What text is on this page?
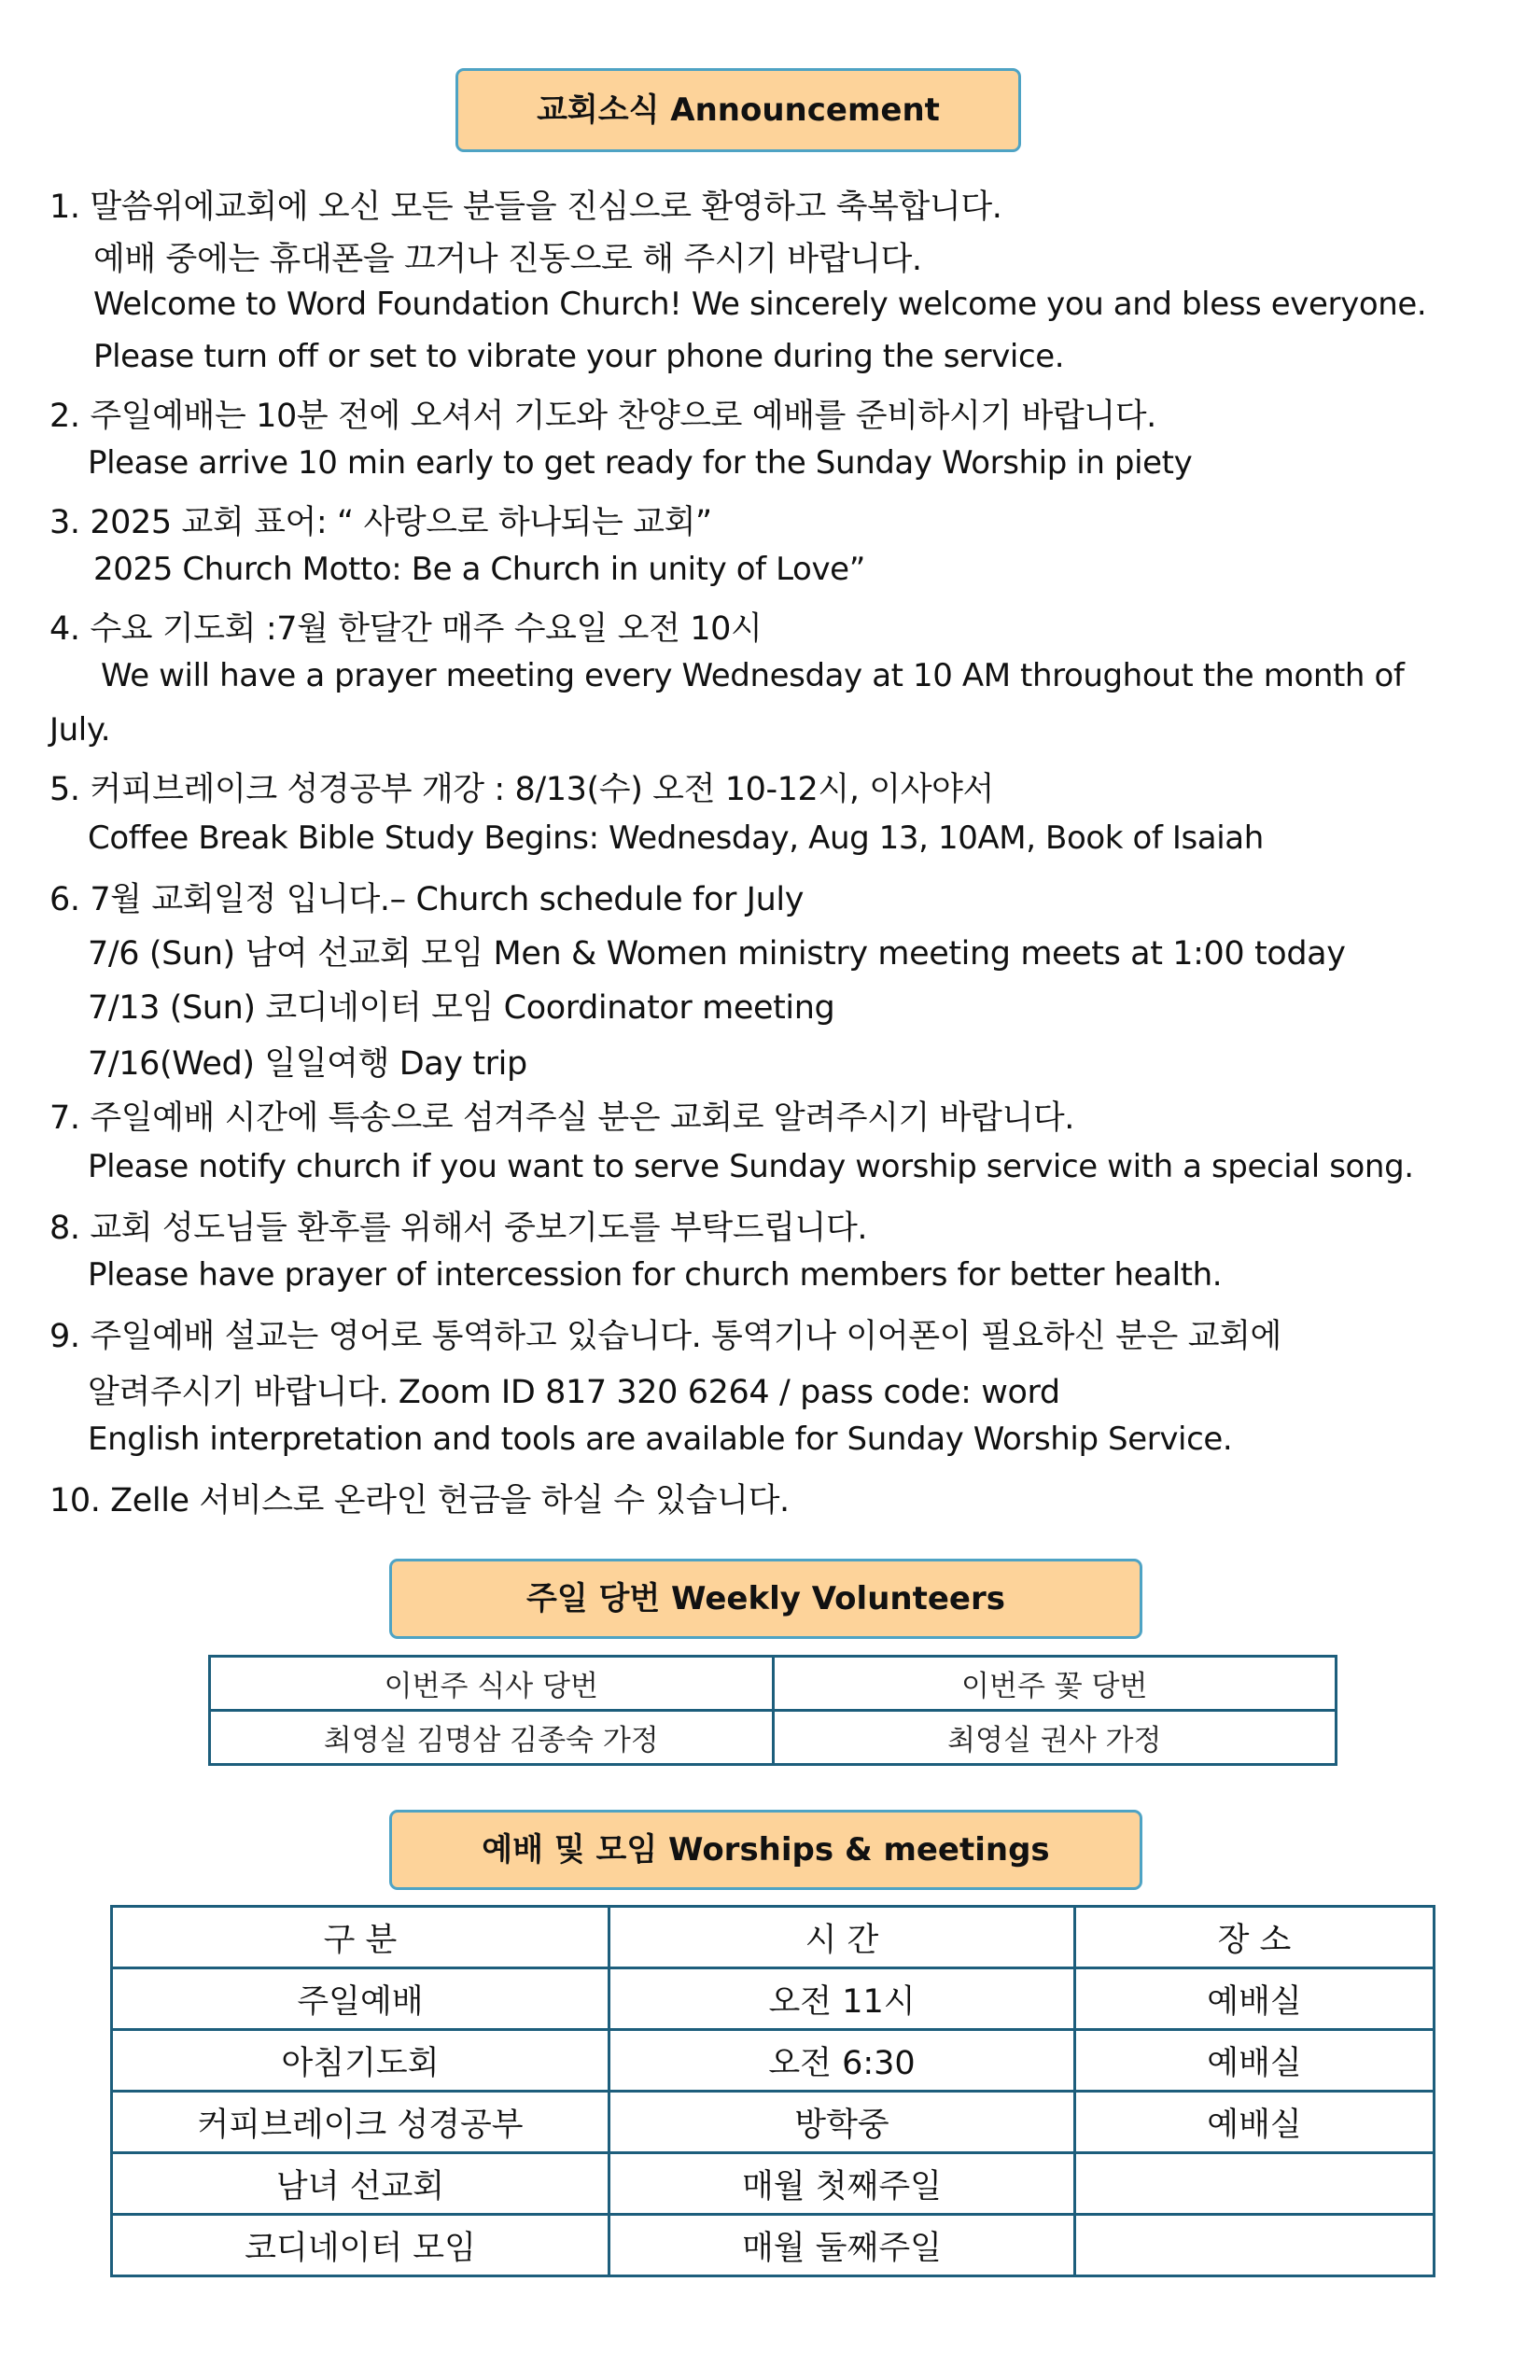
교회소식 Announcement
1. 말씀위에교회에 오신 모든 분들을 진심으로 환영하고 축복합니다.
예배 중에는 휴대폰을 끄거나 진동으로 해 주시기 바랍니다.
Welcome to Word Foundation Church! We sincerely welcome you and bless everyone.
Please turn off or set to vibrate your phone during the service.
2. 주일예배는 10분 전에 오셔서 기도와 찬양으로 예배를 준비하시기 바랍니다.
Please arrive 10 min early to get ready for the Sunday Worship in piety
3. 2025 교회 표어: “ 사랑으로 하나되는 교회”
2025 Church Motto: Be a Church in unity of Love”
4. 수요 기도회 :7월 한달간 매주 수요일 오전 10시
We will have a prayer meeting every Wednesday at 10 AM throughout the month of
July.
5. 커피브레이크 성경공부 개강 : 8/13(수) 오전 10-12시, 이사야서
Coffee Break Bible Study Begins: Wednesday, Aug 13, 10AM, Book of Isaiah
6. 7월 교회일정 입니다.– Church schedule for July
7/6 (Sun) 남여 선교회 모임 Men & Women ministry meeting meets at 1:00 today
7/13 (Sun) 코디네이터 모임 Coordinator meeting
7/16(Wed) 일일여행 Day trip
7. 주일예배 시간에 특송으로 섬겨주실 분은 교회로 알려주시기 바랍니다.
Please notify church if you want to serve Sunday worship service with a special song.
8. 교회 성도님들 환후를 위해서 중보기도를 부탁드립니다.
Please have prayer of intercession for church members for better health.
9. 주일예배 설교는 영어로 통역하고 있습니다. 통역기나 이어폰이 필요하신 분은 교회에
알려주시기 바랍니다. Zoom ID 817 320 6264 / pass code: word
English interpretation and tools are available for Sunday Worship Service.
10. Zelle 서비스로 온라인 헌금을 하실 수 있습니다.
주일 당번 Weekly Volunteers
이번주 식사 당번	이번주 꽃 당번
최영실 김명삼 김종숙 가정	최영실 권사 가정
예배 및 모임 Worships & meetings
구 분	시 간	장 소
주일예배	오전 11시	예배실
아침기도회	오전 6:30	예배실
커피브레이크 성경공부	방학중	예배실
남녀 선교회	매월 첫째주일	
코디네이터 모임	매월 둘째주일	
